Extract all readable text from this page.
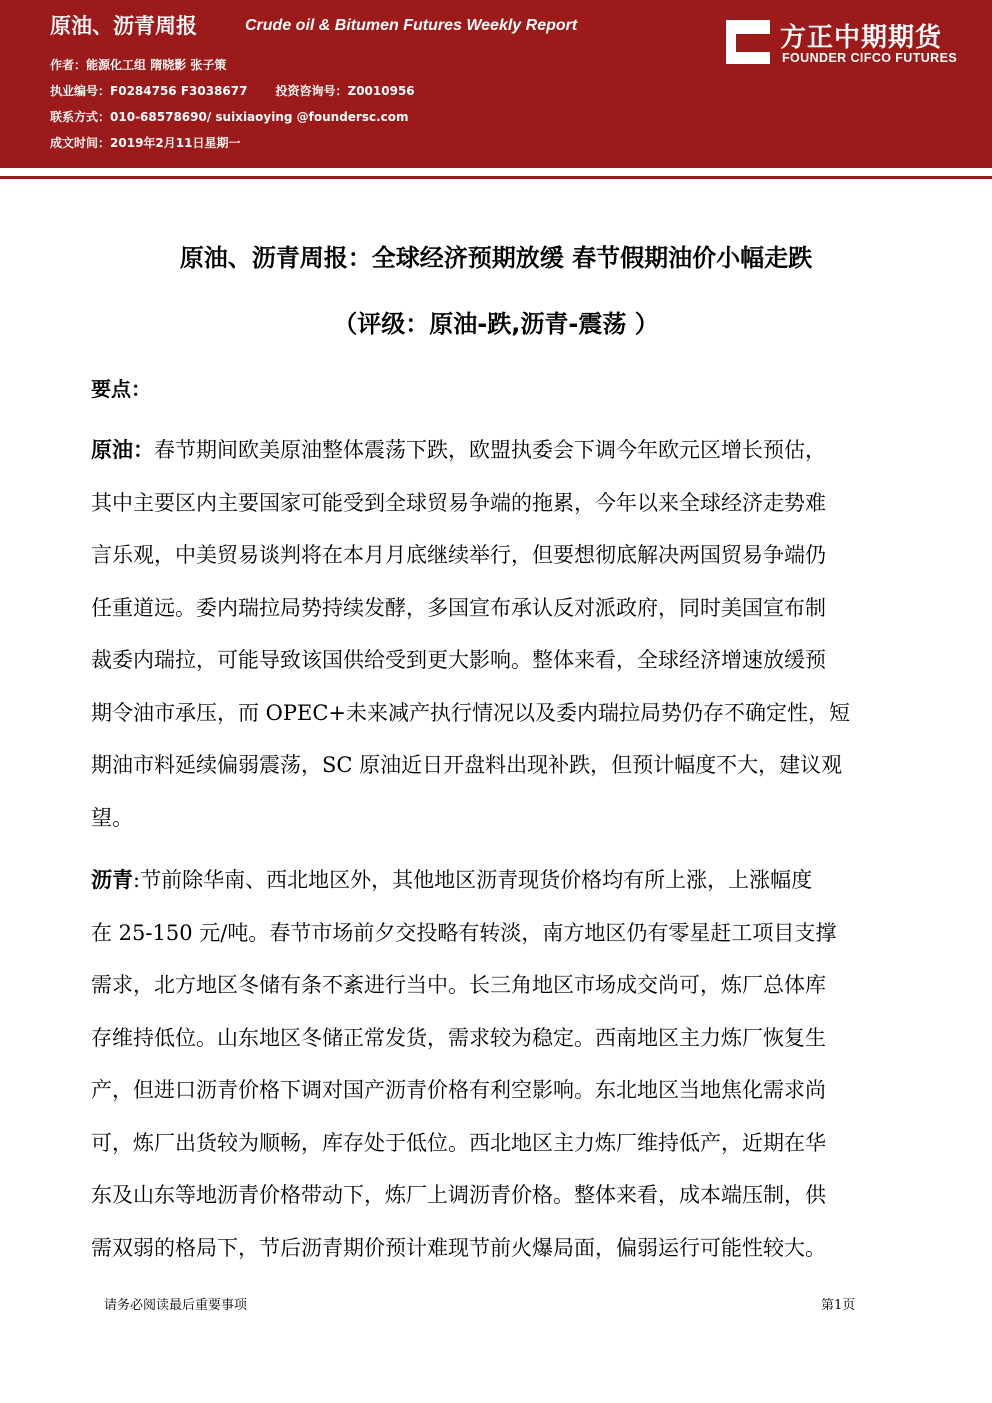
原油、沥青周报	Crude oil & Bitumen Futures Weekly Report
作者：能源化工组 隋晓影 张子策
执业编号：F0284756 F3038677 投资咨询号：Z0010956
联系方式：010-68578690/ suixiaoying @foundersc.com
成文时间：2019年2月11日星期一
方正中期期货
FOUNDER CIFCO FUTURES
原油、沥青周报：全球经济预期放缓 春节假期油价小幅走跌
（评级：原油-跌,沥青-震荡 ）
要点：
原油：春节期间欧美原油整体震荡下跌，欧盟执委会下调今年欧元区增长预估，
其中主要区内主要国家可能受到全球贸易争端的拖累，今年以来全球经济走势难
言乐观，中美贸易谈判将在本月月底继续举行，但要想彻底解决两国贸易争端仍
任重道远。委内瑞拉局势持续发酵，多国宣布承认反对派政府，同时美国宣布制
裁委内瑞拉，可能导致该国供给受到更大影响。整体来看，全球经济增速放缓预
期令油市承压，而 OPEC+未来减产执行情况以及委内瑞拉局势仍存不确定性，短
期油市料延续偏弱震荡，SC 原油近日开盘料出现补跌，但预计幅度不大，建议观
望。
沥青:节前除华南、西北地区外，其他地区沥青现货价格均有所上涨，上涨幅度
在 25-150 元/吨。春节市场前夕交投略有转淡，南方地区仍有零星赶工项目支撑
需求，北方地区冬储有条不紊进行当中。长三角地区市场成交尚可，炼厂总体库
存维持低位。山东地区冬储正常发货，需求较为稳定。西南地区主力炼厂恢复生
产，但进口沥青价格下调对国产沥青价格有利空影响。东北地区当地焦化需求尚
可，炼厂出货较为顺畅，库存处于低位。西北地区主力炼厂维持低产，近期在华
东及山东等地沥青价格带动下，炼厂上调沥青价格。整体来看，成本端压制，供
需双弱的格局下，节后沥青期价预计难现节前火爆局面，偏弱运行可能性较大。
请务必阅读最后重要事项	第1页
